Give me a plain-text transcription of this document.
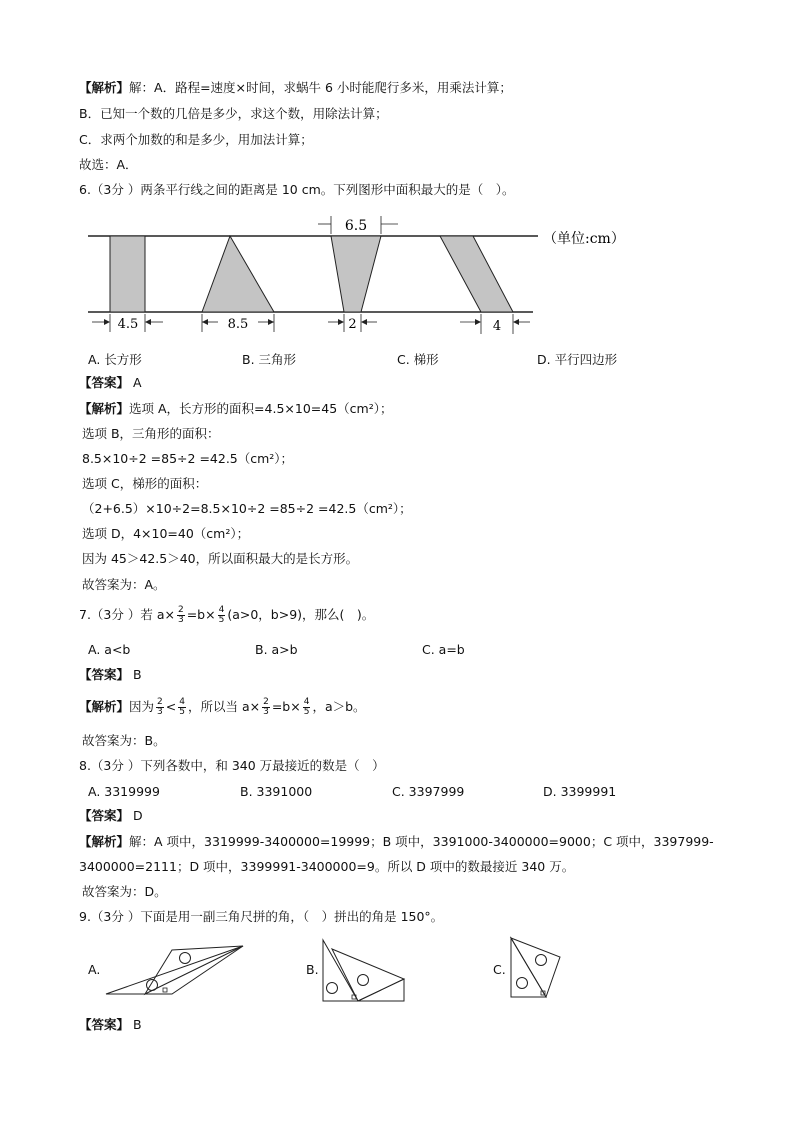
【解析】解：A．路程=速度×时间，求蜗牛 6 小时能爬行多米，用乘法计算；
B．已知一个数的几倍是多少，求这个数，用除法计算；
C．求两个加数的和是多少，用加法计算；
故选：A．
6.（3分 ）两条平行线之间的距离是 10 cm。下列图形中面积最大的是（　）。
6.5
（单位:cm）
4.5	8.5	2	4
A. 长方形	B. 三角形	C. 梯形	D. 平行四边形
【答案】 A
【解析】选项 A，长方形的面积=4.5×10=45（cm²）；
选项 B，三角形的面积：
8.5×10÷2 =85÷2 =42.5（cm²）；
选项 C，梯形的面积：
（2+6.5）×10÷2=8.5×10÷2 =85÷2 =42.5（cm²）；
选项 D，4×10=40（cm²）；
因为 45＞42.5＞40，所以面积最大的是长方形。
故答案为：A。
7.（3分 ）若 $a\times \frac{2}{3} =b\times \frac{4}{5} (a>0$，b>9)，那么(　)。
A. a<b	B. a>b	C. a=b
【答案】 B
【解析】因为 $\frac{2}{3} < \frac{4}{5}$ ，所以当 $a\times \frac{2}{3} =b\times \frac{4}{5}$ ，a＞b。
故答案为：B。
8.（3分 ）下列各数中，和 340 万最接近的数是（　）
A. 3319999	B. 3391000	C. 3397999	D. 3399991
【答案】 D
【解析】解：A 项中，3319999-3400000=19999；B 项中，3391000-3400000=9000；C 项中，3397999-
3400000=2111；D 项中，3399991-3400000=9。所以 D 项中的数最接近 340 万。
故答案为：D。
9.（3分 ）下面是用一副三角尺拼的角，（　）拼出的角是 150°。
A.	B.	C.
【答案】 B
